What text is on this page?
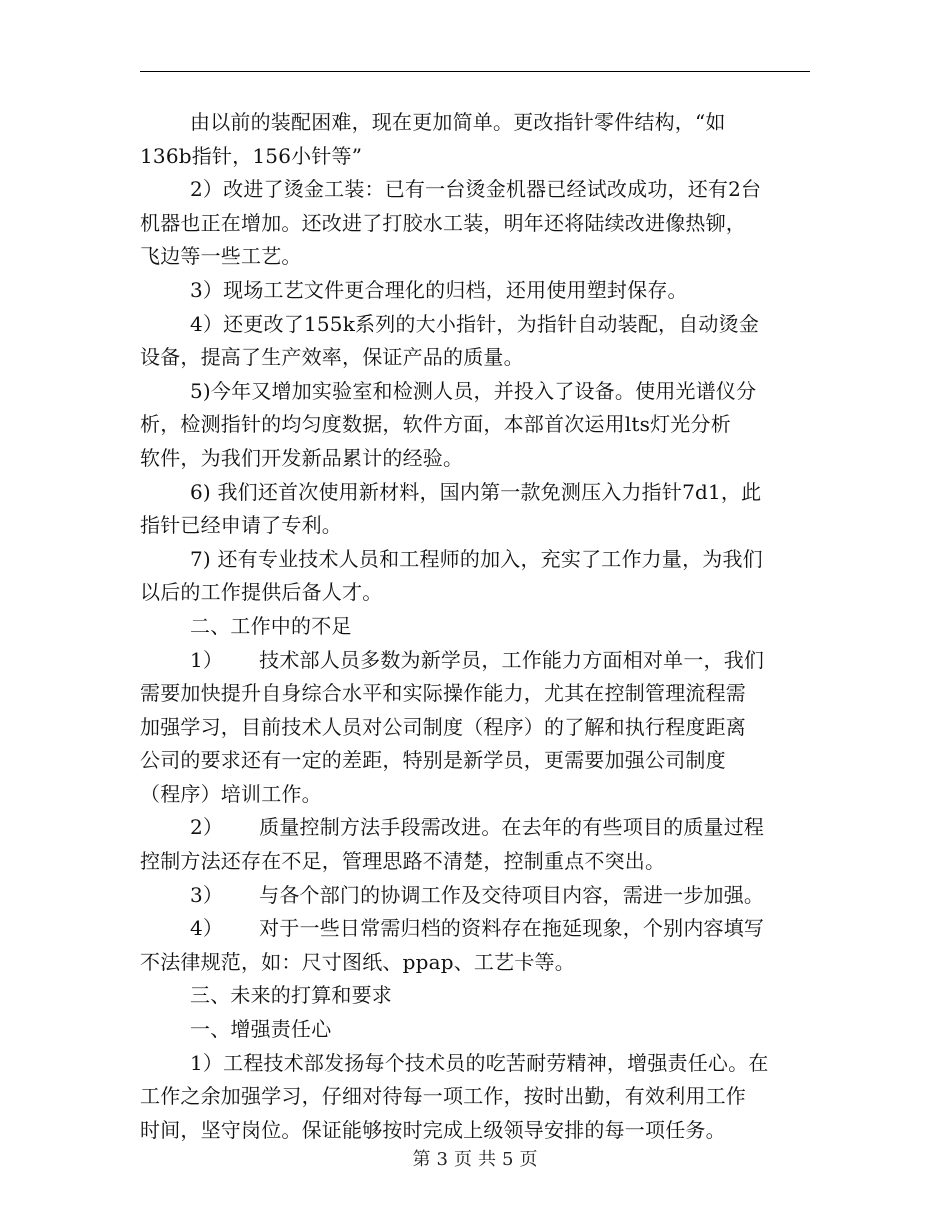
由以前的装配困难，现在更加简单。更改指针零件结构，“如
136b指针，156小针等”
2）改进了烫金工装：已有一台烫金机器已经试改成功，还有2台
机器也正在增加。还改进了打胶水工装，明年还将陆续改进像热铆，
飞边等一些工艺。
3）现场工艺文件更合理化的归档，还用使用塑封保存。
4）还更改了155k系列的大小指针，为指针自动装配，自动烫金
设备，提高了生产效率，保证产品的质量。
5)今年又增加实验室和检测人员，并投入了设备。使用光谱仪分
析，检测指针的均匀度数据，软件方面，本部首次运用lts灯光分析
软件，为我们开发新品累计的经验。
6) 我们还首次使用新材料，国内第一款免测压入力指针7d1，此
指针已经申请了专利。
7) 还有专业技术人员和工程师的加入，充实了工作力量，为我们
以后的工作提供后备人才。
二、工作中的不足
1） 技术部人员多数为新学员，工作能力方面相对单一，我们
需要加快提升自身综合水平和实际操作能力，尤其在控制管理流程需
加强学习，目前技术人员对公司制度（程序）的了解和执行程度距离
公司的要求还有一定的差距，特别是新学员，更需要加强公司制度
（程序）培训工作。
2） 质量控制方法手段需改进。在去年的有些项目的质量过程
控制方法还存在不足，管理思路不清楚，控制重点不突出。
3） 与各个部门的协调工作及交待项目内容，需进一步加强。
4） 对于一些日常需归档的资料存在拖延现象，个别内容填写
不法律规范，如：尺寸图纸、ppap、工艺卡等。
三、未来的打算和要求
一、增强责任心
1）工程技术部发扬每个技术员的吃苦耐劳精神，增强责任心。在
工作之余加强学习，仔细对待每一项工作，按时出勤，有效利用工作
时间，坚守岗位。保证能够按时完成上级领导安排的每一项任务。
第 3 页 共 5 页
